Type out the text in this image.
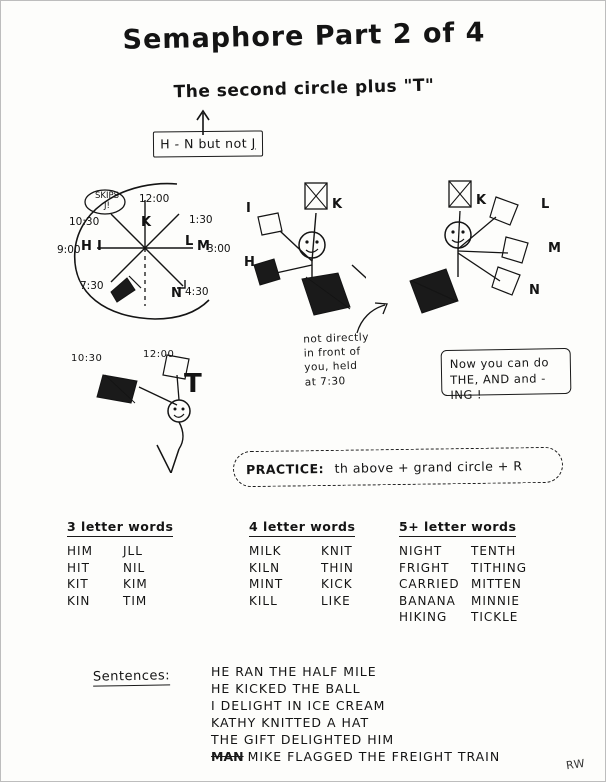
Semaphore Part 2 of 4
The second circle plus "T"
H - N but not J
SKIPS
J!
12:00
1:30
3:00
4:30
7:30
9:00
10:30	K
L
I
H	M
N
K
I
H
K	L
M
N
10:30	12:00
T
not directly
in front of
you, held
at 7:30
Now you can do
THE, AND and -ING !
PRACTICE: th above + grand circle + R
3 letter words
HIM	JLL
HIT	NIL
KIT	KIM
KIN	TIM
4 letter words
MILK	KNIT
KILN	THIN
MINT	KICK
KILL	LIKE
5+ letter words
NIGHT	TENTH
FRIGHT	TITHING
CARRIED MITTEN
BANANA	MINNIE
HIKING	TICKLE
Sentences:	HE RAN THE HALF MILE
HE KICKED THE BALL
I DELIGHT IN ICE CREAM
KATHY KNITTED A HAT
THE GIFT DELIGHTED HIM
MAN MIKE FLAGGED THE FREIGHT TRAIN
RW
